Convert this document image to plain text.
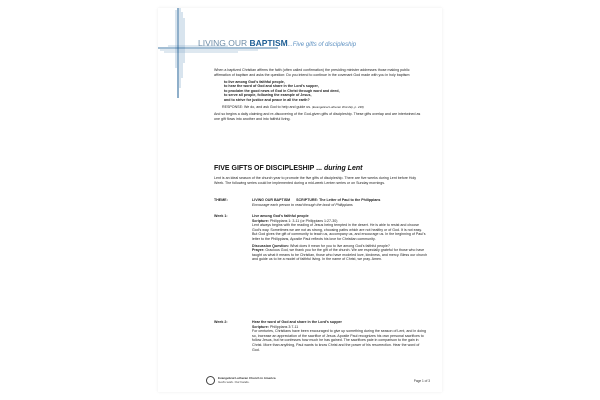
LIVING OUR BAPTISM...Five gifts of discipleship

When a baptized Christian affirms the faith (often called confirmation) the presiding minister addresses those making public affirmation of baptism and asks the question: Do you intend to continue in the covenant God made with you in holy baptism:

to live among God's faithful people,
to hear the word of God and share in the Lord's supper,
to proclaim the good news of God in Christ through word and deed,
to serve all people, following the example of Jesus,
and to strive for justice and peace in all the earth?

RESPONSE: We do, and ask God to help and guide us. (Evangelical Lutheran Worship, p. 236)

And so begins a daily claiming and re-discovering of the God-given gifts of discipleship. These gifts overlap and are intertwined as one gift flows into another and into faithful living.

FIVE GIFTS OF DISCIPLESHIP ... during Lent
Lent is an ideal season of the church year to promote the five gifts of discipleship. There are five weeks during Lent before Holy Week. The following series could be implemented during a mid-week Lenten series or on Sunday mornings.
THEME:	LIVING OUR BAPTISM SCRIPTURE: The Letter of Paul to the Philippians

Encourage each person to read through the book of Philippians

Week 1:	Live among God's faithful people

Scripture: Philippians 1: 3-11 (or Philippians 1:27-30)

Lent always begins with the reading of Jesus being tempted in the desert. He is able to resist and choose God's way. Sometimes we are not as strong, choosing paths which are not healthy or of God. It is not easy. But God gives the gift of community to teach us, accompany us, and encourage us. In the beginning of Paul's letter to the Philippians, Apostle Paul reflects his love for Christian community.

Discussion Question: What does it mean for you to live among God's faithful people?

Prayer: Gracious God, we thank you for the gift of the church. We are especially grateful for those who have taught us what it means to be Christian, those who have modeled love, kindness, and mercy. Bless our church and guide us to be a model of faithful living. In the name of Christ, we pray. Amen.

Week 2:	Hear the word of God and share in the Lord's supper

Scripture: Philippians 3:7-11

For centuries, Christians have been encouraged to give up something during the season of Lent, and in doing so, increase an appreciation of the sacrifice of Jesus. Apostle Paul recognizes his own personal sacrifices to follow Jesus, but he confesses how much he has gained. The sacrifices pale in comparison to the gain in Christ. More than anything, Paul wants to know Christ and the power of his resurrection. Hear the word of God.

Evangelical Lutheran Church in America
God's work. Our hands.	Page 1 of 3
